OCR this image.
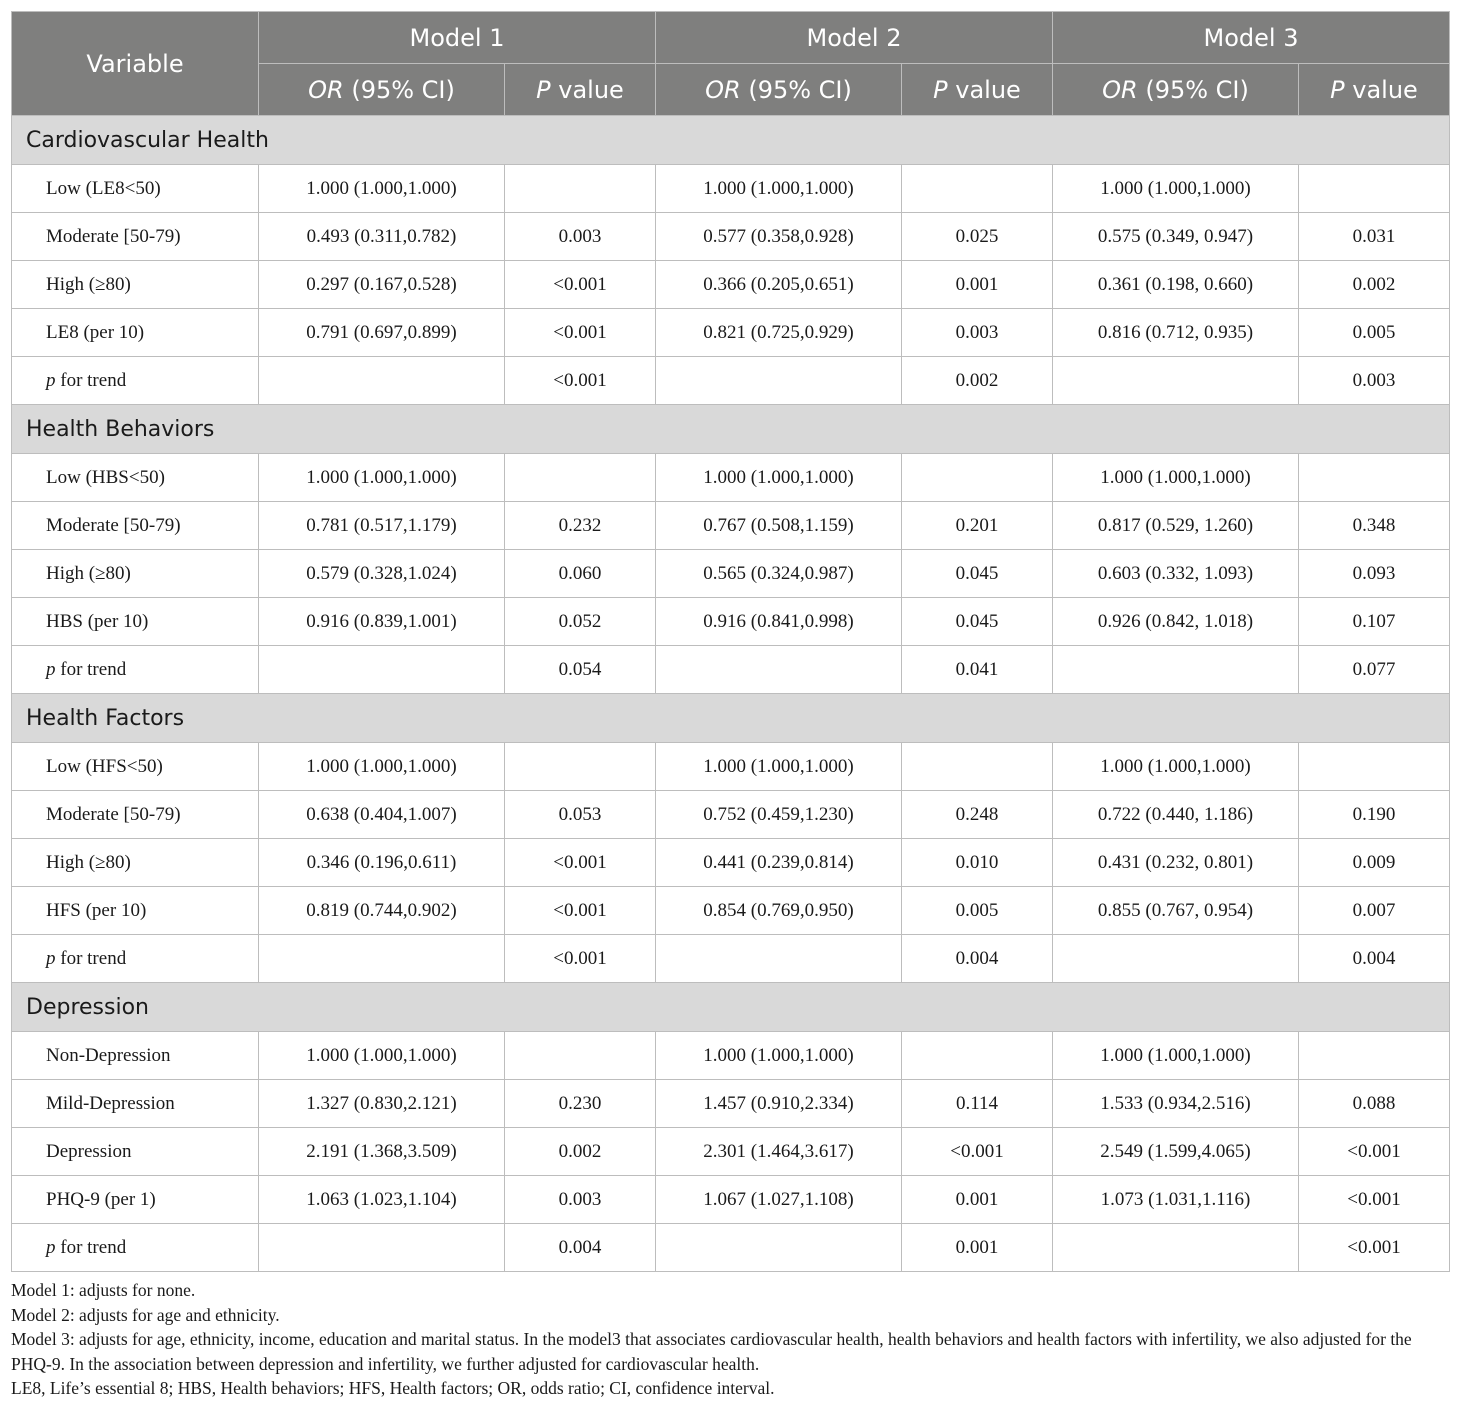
Variable	Model 1		Model 2		Model 3	
	OR (95% CI)	P value	OR (95% CI)	P value	OR (95% CI)	P value
Cardiovascular Health						
Low (LE8<50)	1.000 (1.000,1.000)		1.000 (1.000,1.000)		1.000 (1.000,1.000)	
Moderate [50-79)	0.493 (0.311,0.782)	0.003	0.577 (0.358,0.928)	0.025	0.575 (0.349, 0.947)	0.031
High (≥80)	0.297 (0.167,0.528)	<0.001	0.366 (0.205,0.651)	0.001	0.361 (0.198, 0.660)	0.002
LE8 (per 10)	0.791 (0.697,0.899)	<0.001	0.821 (0.725,0.929)	0.003	0.816 (0.712, 0.935)	0.005
p for trend		<0.001		0.002		0.003
Health Behaviors						
Low (HBS<50)	1.000 (1.000,1.000)		1.000 (1.000,1.000)		1.000 (1.000,1.000)	
Moderate [50-79)	0.781 (0.517,1.179)	0.232	0.767 (0.508,1.159)	0.201	0.817 (0.529, 1.260)	0.348
High (≥80)	0.579 (0.328,1.024)	0.060	0.565 (0.324,0.987)	0.045	0.603 (0.332, 1.093)	0.093
HBS (per 10)	0.916 (0.839,1.001)	0.052	0.916 (0.841,0.998)	0.045	0.926 (0.842, 1.018)	0.107
p for trend		0.054		0.041		0.077
Health Factors						
Low (HFS<50)	1.000 (1.000,1.000)		1.000 (1.000,1.000)		1.000 (1.000,1.000)	
Moderate [50-79)	0.638 (0.404,1.007)	0.053	0.752 (0.459,1.230)	0.248	0.722 (0.440, 1.186)	0.190
High (≥80)	0.346 (0.196,0.611)	<0.001	0.441 (0.239,0.814)	0.010	0.431 (0.232, 0.801)	0.009
HFS (per 10)	0.819 (0.744,0.902)	<0.001	0.854 (0.769,0.950)	0.005	0.855 (0.767, 0.954)	0.007
p for trend		<0.001		0.004		0.004
Depression						
Non-Depression	1.000 (1.000,1.000)		1.000 (1.000,1.000)		1.000 (1.000,1.000)	
Mild-Depression	1.327 (0.830,2.121)	0.230	1.457 (0.910,2.334)	0.114	1.533 (0.934,2.516)	0.088
Depression	2.191 (1.368,3.509)	0.002	2.301 (1.464,3.617)	<0.001	2.549 (1.599,4.065)	<0.001
PHQ-9 (per 1)	1.063 (1.023,1.104)	0.003	1.067 (1.027,1.108)	0.001	1.073 (1.031,1.116)	<0.001
p for trend		0.004		0.001		<0.001

Model 1: adjusts for none.

Model 2: adjusts for age and ethnicity.

Model 3: adjusts for age, ethnicity, income, education and marital status. In the model3 that associates cardiovascular health, health behaviors and health factors with infertility, we also adjusted for the PHQ-9. In the association between depression and infertility, we further adjusted for cardiovascular health.

LE8, Life’s essential 8; HBS, Health behaviors; HFS, Health factors; OR, odds ratio; CI, confidence interval.
